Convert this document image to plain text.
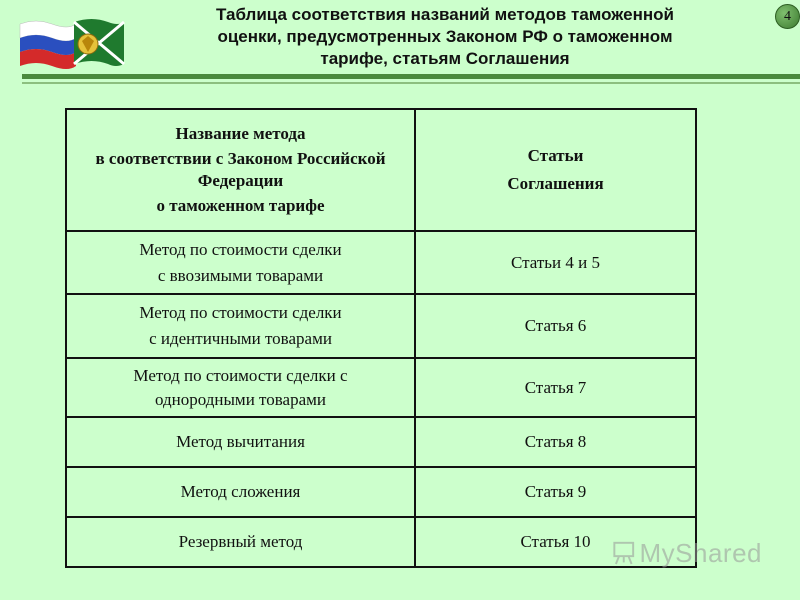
Таблица соответствия названий методов таможенной
оценки, предусмотренных Законом РФ о таможенном
тарифе, статьям Соглашения
4
Название метода
в соответствии с Законом Российской Федерации
о таможенном тарифе	Статьи
Соглашения

Метод по стоимости сделки
с ввозимыми товарами	Статьи 4 и 5

Метод по стоимости сделки
с идентичными товарами	Статья 6

Метод по стоимости сделки с
однородными товарами	Статья 7
Метод вычитания	Статья 8
Метод сложения	Статья 9
Резервный метод	Статья 10 MyShared
